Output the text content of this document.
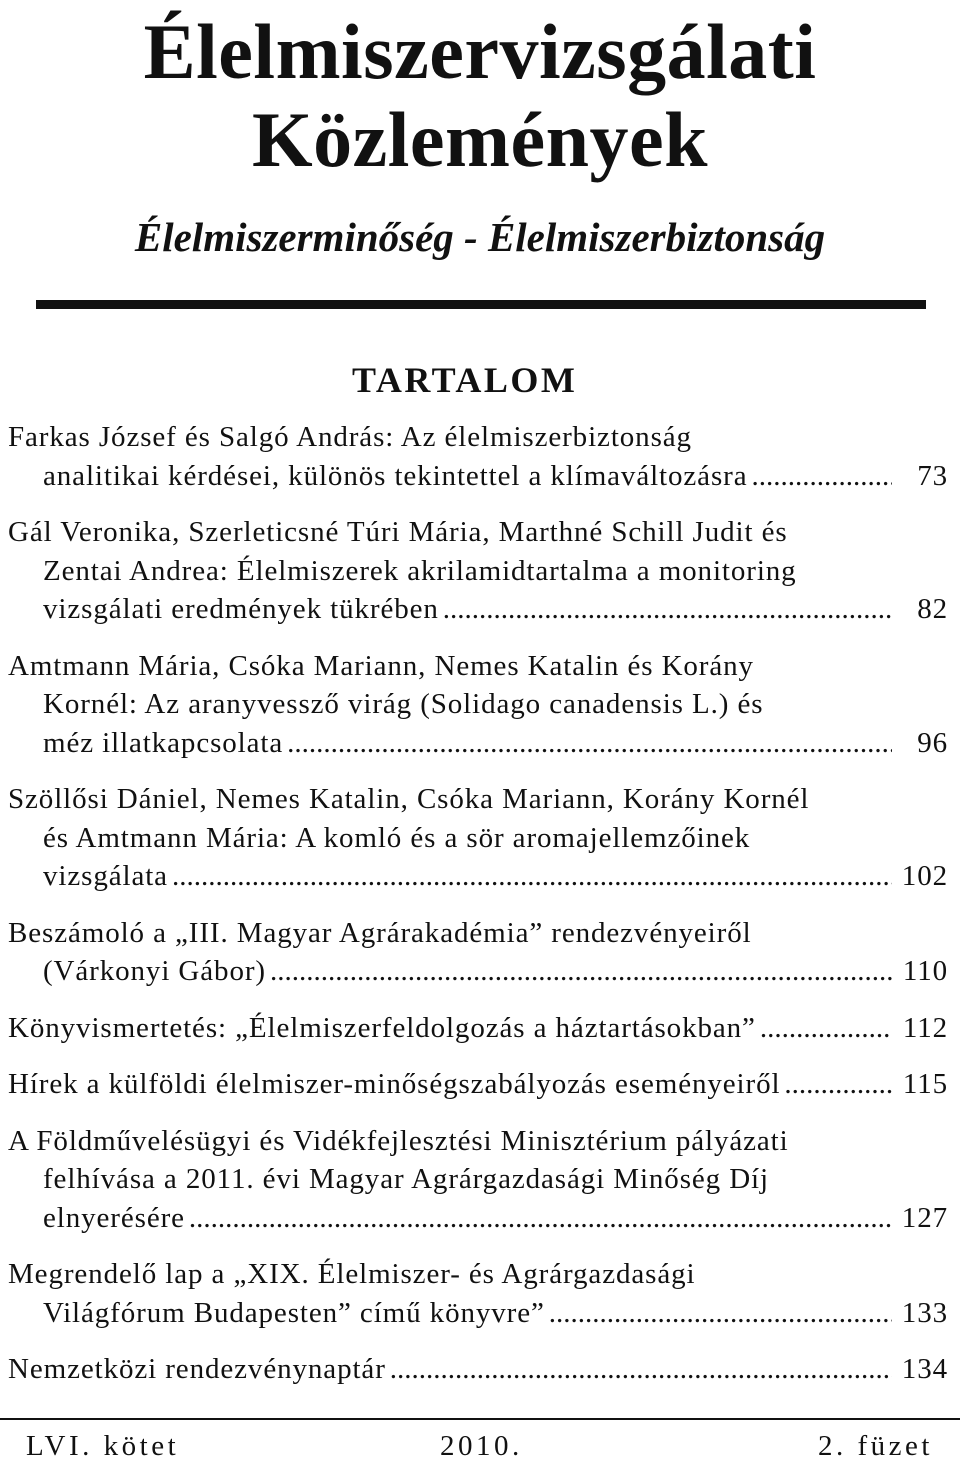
Élelmiszervizsgálati
Közlemények
Élelmiszerminőség - Élelmiszerbiztonság
TARTALOM
Farkas József és Salgó András: Az élelmiszerbiztonság
analitikai kérdései, különös tekintettel a klímaváltozásra .....	73
Gál Veronika, Szerleticsné Túri Mária, Marthné Schill Judit és
Zentai Andrea: Élelmiszerek akrilamidtartalma a monitoring
vizsgálati eredmények tükrében .....	82
Amtmann Mária, Csóka Mariann, Nemes Katalin és Korány
Kornél: Az aranyvessző virág (Solidago canadensis L.) és
méz illatkapcsolata .....	96
Szöllősi Dániel, Nemes Katalin, Csóka Mariann, Korány Kornél
és Amtmann Mária: A komló és a sör aromajellemzőinek
vizsgálata .....	102
Beszámoló a „III. Magyar Agrárakadémia” rendezvényeiről
(Várkonyi Gábor) .....	110
Könyvismertetés: „Élelmiszerfeldolgozás a háztartásokban” .....	112
Hírek a külföldi élelmiszer-minőségszabályozás eseményeiről .....	115
A Földművelésügyi és Vidékfejlesztési Minisztérium pályázati
felhívása a 2011. évi Magyar Agrárgazdasági Minőség Díj
elnyerésére .....	127
Megrendelő lap a „XIX. Élelmiszer- és Agrárgazdasági
Világfórum Budapesten” című könyvre” .....	133
Nemzetközi rendezvénynaptár .....	134
LVI. kötet	2010.	2. füzet
